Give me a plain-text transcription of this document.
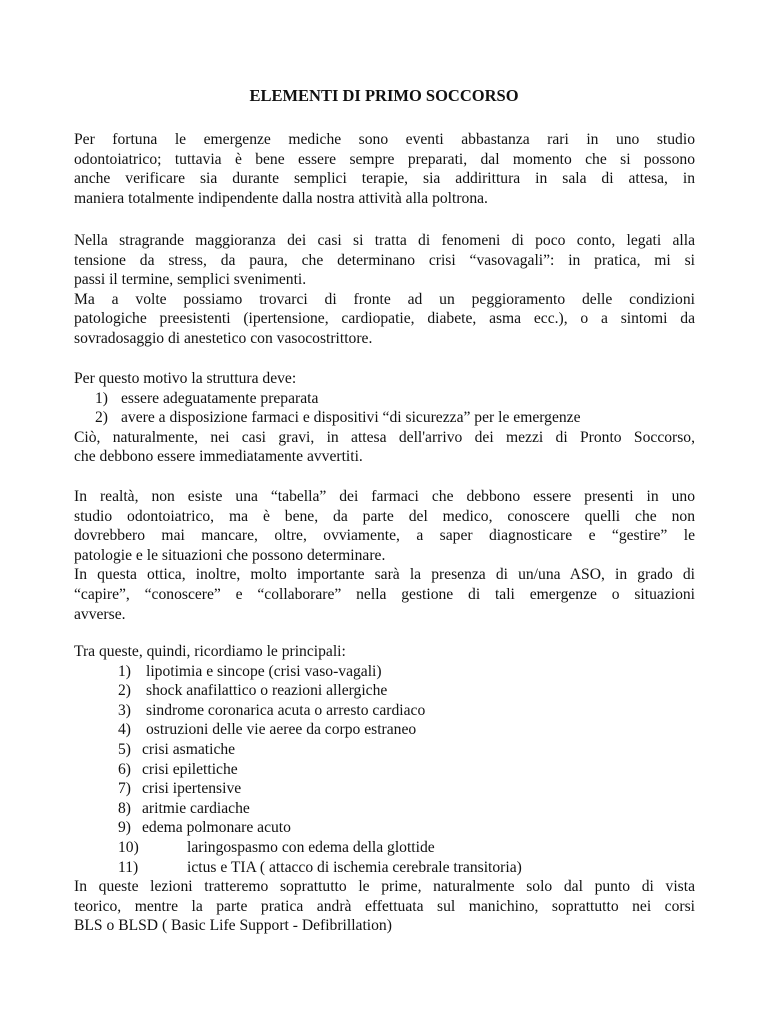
ELEMENTI DI PRIMO SOCCORSO
Per fortuna le emergenze mediche sono eventi abbastanza rari in uno studio
odontoiatrico; tuttavia è bene essere sempre preparati, dal momento che si possono
anche verificare sia durante semplici terapie, sia addirittura in sala di attesa, in
maniera totalmente indipendente dalla nostra attività alla poltrona.
Nella stragrande maggioranza dei casi si tratta di fenomeni di poco conto, legati alla
tensione da stress, da paura, che determinano crisi “vasovagali”: in pratica, mi si
passi il termine, semplici svenimenti.
Ma a volte possiamo trovarci di fronte ad un peggioramento delle condizioni
patologiche preesistenti (ipertensione, cardiopatie, diabete, asma ecc.), o a sintomi da
sovradosaggio di anestetico con vasocostrittore.
Per questo motivo la struttura deve:
1) essere adeguatamente preparata
2) avere a disposizione farmaci e dispositivi “di sicurezza” per le emergenze
Ciò, naturalmente, nei casi gravi, in attesa dell'arrivo dei mezzi di Pronto Soccorso,
che debbono essere immediatamente avvertiti.
In realtà, non esiste una “tabella” dei farmaci che debbono essere presenti in uno
studio odontoiatrico, ma è bene, da parte del medico, conoscere quelli che non
dovrebbero mai mancare, oltre, ovviamente, a saper diagnosticare e “gestire” le
patologie e le situazioni che possono determinare.
In questa ottica, inoltre, molto importante sarà la presenza di un/una ASO, in grado di
“capire”, “conoscere” e “collaborare” nella gestione di tali emergenze o situazioni
avverse.
Tra queste, quindi, ricordiamo le principali:
1) lipotimia e sincope (crisi vaso-vagali)
2) shock anafilattico o reazioni allergiche
3) sindrome coronarica acuta o arresto cardiaco
4) ostruzioni delle vie aeree da corpo estraneo
5) crisi asmatiche
6) crisi epilettiche
7) crisi ipertensive
8) aritmie cardiache
9) edema polmonare acuto
10)	laringospasmo con edema della glottide
11)	ictus e TIA ( attacco di ischemia cerebrale transitoria)
In queste lezioni tratteremo soprattutto le prime, naturalmente solo dal punto di vista
teorico, mentre la parte pratica andrà effettuata sul manichino, soprattutto nei corsi
BLS o BLSD ( Basic Life Support - Defibrillation)
